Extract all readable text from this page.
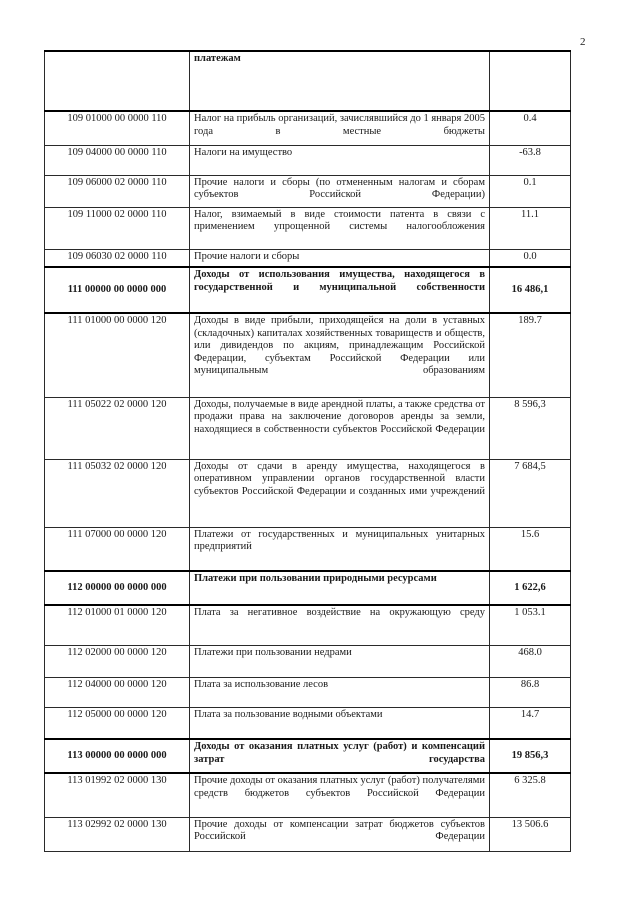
2
	платежам	
109 01000 00 0000 110	Налог на прибыль организаций, зачислявшийся до 1 января 2005 года в местные бюджеты	0.4
109 04000 00 0000 110	Налоги на имущество	-63.8
109 06000 02 0000 110	Прочие налоги и сборы (по отмененным налогам и сборам субъектов Российской Федерации)	0.1
109 11000 02 0000 110	Налог, взимаемый в виде стоимости патента в связи с применением упрощенной системы налогообложения	11.1
109 06030 02 0000 110	Прочие налоги и сборы	0.0
111 00000 00 0000 000	Доходы от использования имущества, находящегося в государственной и муниципальной собственности	16 486,1
111 01000 00 0000 120	Доходы в виде прибыли, приходящейся на доли в уставных (складочных) капиталах хозяйственных товариществ и обществ, или дивидендов по акциям, принадлежащим Российской Федерации, субъектам Российской Федерации или муниципальным образованиям	189.7
111 05022 02 0000 120	Доходы, получаемые в виде арендной платы, а также средства от продажи права на заключение договоров аренды за земли, находящиеся в собственности субъектов Российской Федерации	8 596,3
111 05032 02 0000 120	Доходы от сдачи в аренду имущества, находящегося в оперативном управлении органов государственной власти субъектов Российской Федерации и созданных ими учреждений	7 684,5
111 07000 00 0000 120	Платежи от государственных и муниципальных унитарных предприятий	15.6
112 00000 00 0000 000	Платежи при пользовании природными ресурсами	1 622,6
112 01000 01 0000 120	Плата за негативное воздействие на окружающую среду	1 053.1
112 02000 00 0000 120	Платежи при пользовании недрами	468.0
112 04000 00 0000 120	Плата за использование лесов	86.8
112 05000 00 0000 120	Плата за пользование водными объектами	14.7
113 00000 00 0000 000	Доходы от оказания платных услуг (работ) и компенсаций затрат государства	19 856,3
113 01992 02 0000 130	Прочие доходы от оказания платных услуг (работ) получателями средств бюджетов субъектов Российской Федерации	6 325.8
113 02992 02 0000 130	Прочие доходы от компенсации затрат бюджетов субъектов Российской Федерации	13 506.6
